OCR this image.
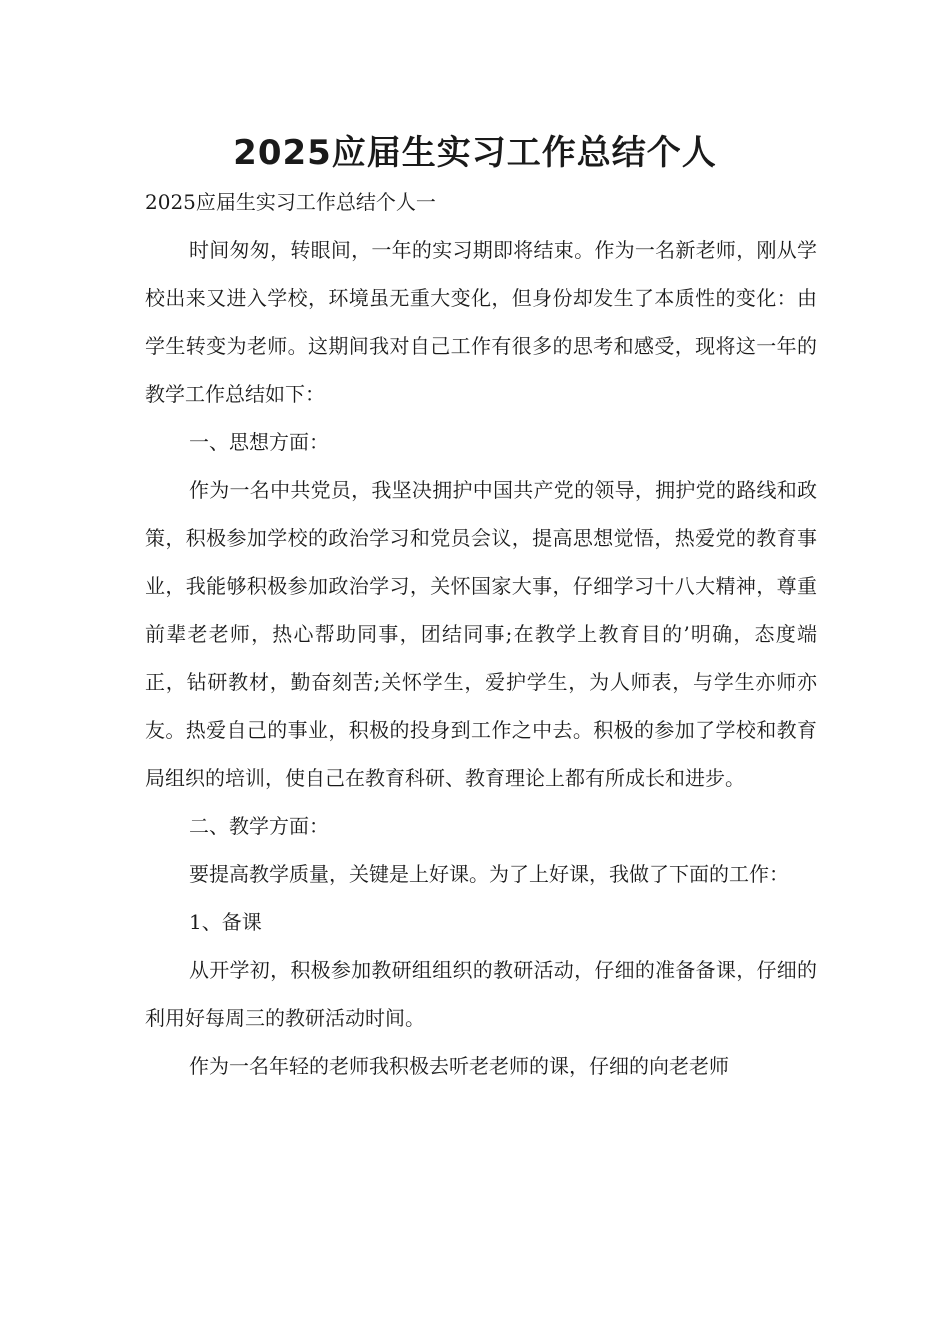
2025应届生实习工作总结个人

2025应届生实习工作总结个人一

时间匆匆，转眼间，一年的实习期即将结束。作为一名新老师，刚从学校出来又进入学校，环境虽无重大变化，但身份却发生了本质性的变化：由学生转变为老师。这期间我对自己工作有很多的思考和感受，现将这一年的教学工作总结如下：

一、思想方面：

作为一名中共党员，我坚决拥护中国共产党的领导，拥护党的路线和政策，积极参加学校的政治学习和党员会议，提高思想觉悟，热爱党的教育事业，我能够积极参加政治学习，关怀国家大事，仔细学习十八大精神，尊重前辈老老师，热心帮助同事，团结同事;在教学上教育目的’明确，态度端正，钻研教材，勤奋刻苦;关怀学生，爱护学生，为人师表，与学生亦师亦友。热爱自己的事业，积极的投身到工作之中去。积极的参加了学校和教育局组织的培训，使自己在教育科研、教育理论上都有所成长和进步。

二、教学方面：

要提高教学质量，关键是上好课。为了上好课，我做了下面的工作：

1、备课

从开学初，积极参加教研组组织的教研活动，仔细的准备备课，仔细的利用好每周三的教研活动时间。

作为一名年轻的老师我积极去听老老师的课，仔细的向老老师
